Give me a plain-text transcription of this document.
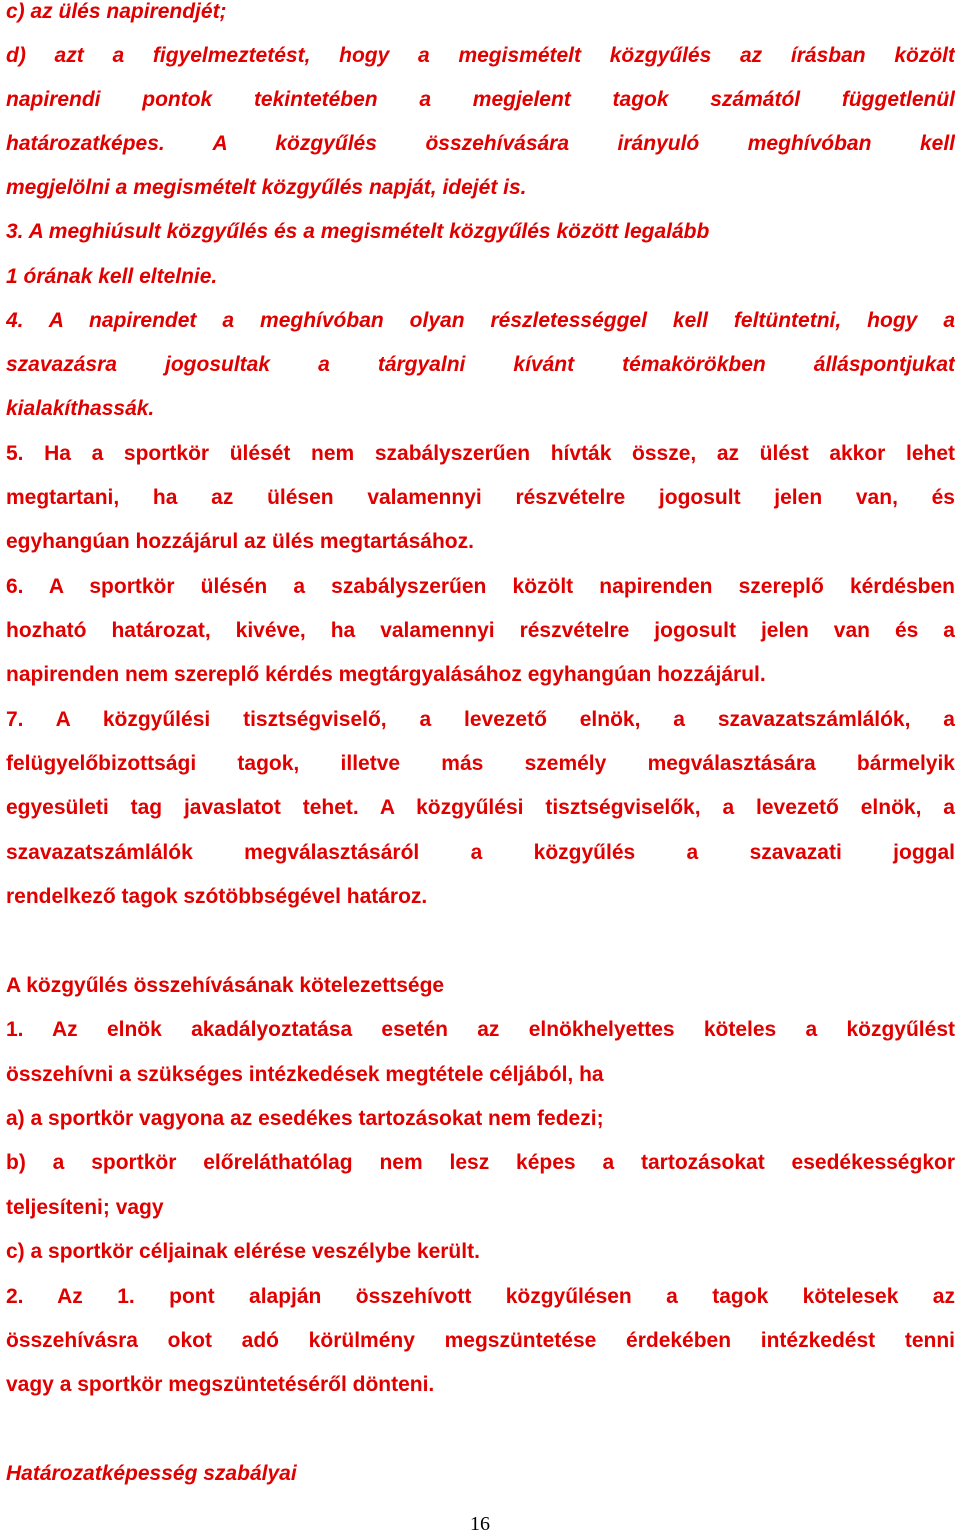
c) az ülés napirendjét;
d) azt a figyelmeztetést, hogy a megismételt közgyűlés az írásban közölt
napirendi pontok tekintetében a megjelent tagok számától függetlenül
határozatképes. A közgyűlés összehívására irányuló meghívóban kell
megjelölni a megismételt közgyűlés napját, idejét is.
3. A meghiúsult közgyűlés és a megismételt közgyűlés között legalább
1 órának kell eltelnie.
4. A napirendet a meghívóban olyan részletességgel kell feltüntetni, hogy a
szavazásra jogosultak a tárgyalni kívánt témakörökben álláspontjukat
kialakíthassák.
5. Ha a sportkör ülését nem szabályszerűen hívták össze, az ülést akkor lehet
megtartani, ha az ülésen valamennyi részvételre jogosult jelen van, és
egyhangúan hozzájárul az ülés megtartásához.
6. A sportkör ülésén a szabályszerűen közölt napirenden szereplő kérdésben
hozható határozat, kivéve, ha valamennyi részvételre jogosult jelen van és a
napirenden nem szereplő kérdés megtárgyalásához egyhangúan hozzájárul.
7. A közgyűlési tisztségviselő, a levezető elnök, a szavazatszámlálók, a
felügyelőbizottsági tagok, illetve más személy megválasztására bármelyik
egyesületi tag javaslatot tehet. A közgyűlési tisztségviselők, a levezető elnök, a
szavazatszámlálók megválasztásáról a közgyűlés a szavazati joggal
rendelkező tagok szótöbbségével határoz.
A közgyűlés összehívásának kötelezettsége
1. Az elnök akadályoztatása esetén az elnökhelyettes köteles a közgyűlést
összehívni a szükséges intézkedések megtétele céljából, ha
a) a sportkör vagyona az esedékes tartozásokat nem fedezi;
b) a sportkör előreláthatólag nem lesz képes a tartozásokat esedékességkor
teljesíteni; vagy
c) a sportkör céljainak elérése veszélybe került.
2. Az 1. pont alapján összehívott közgyűlésen a tagok kötelesek az
összehívásra okot adó körülmény megszüntetése érdekében intézkedést tenni
vagy a sportkör megszüntetéséről dönteni.
Határozatképesség szabályai
16
